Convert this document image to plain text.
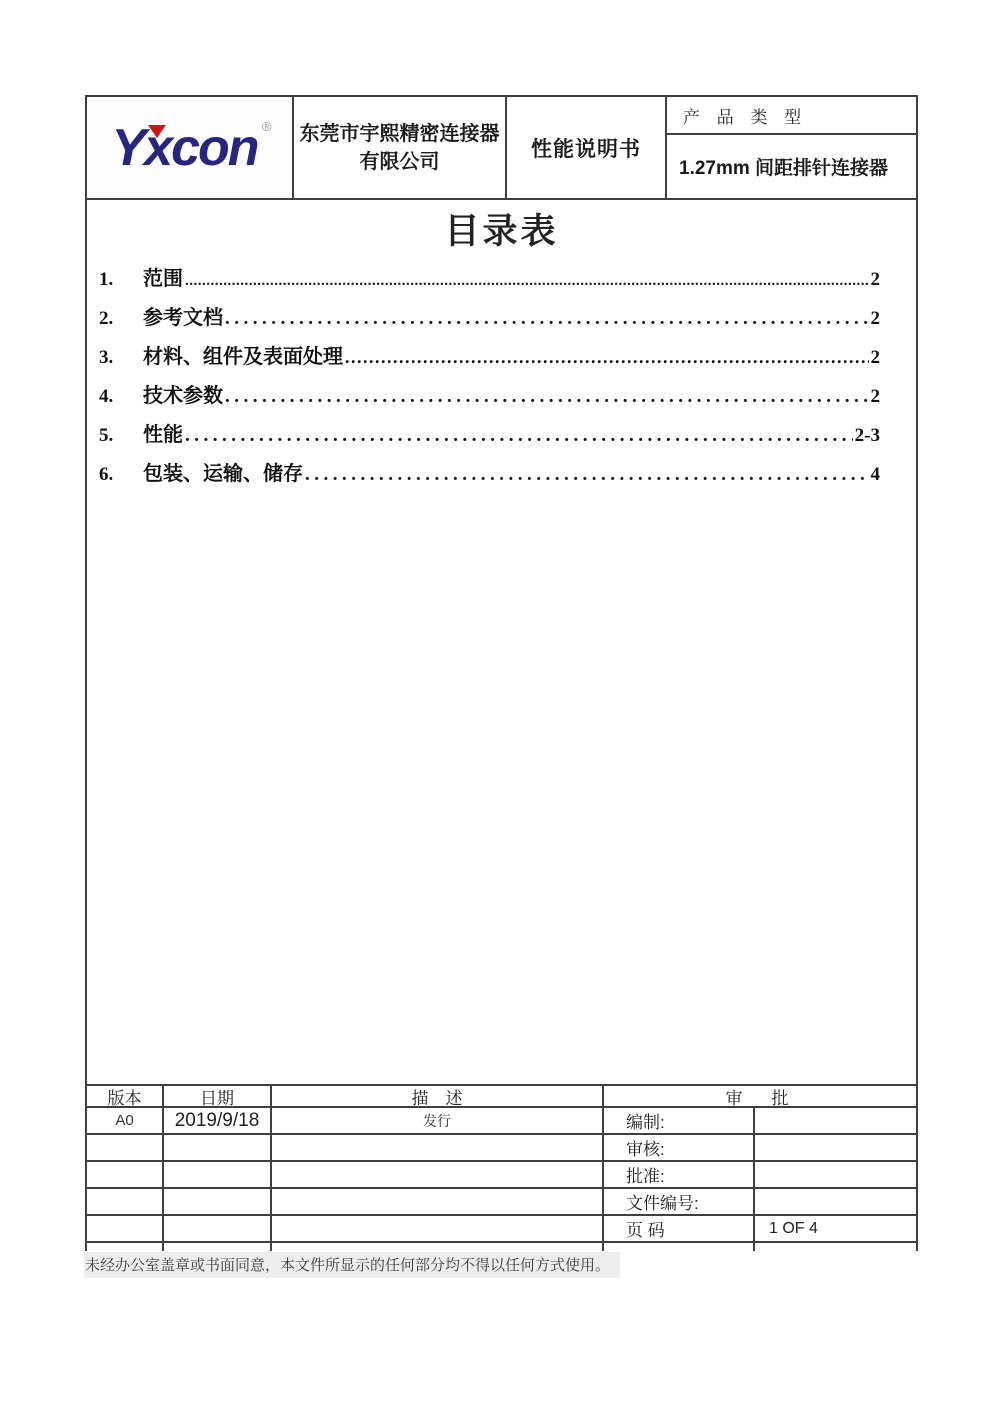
Yx
con ® 东莞市宇熙精密连接器
有限公司
性能说明书
产 品 类 型
1.27mm 间距排针连接器
目录表
1.	范围 .....	2
2.	参考文档 .....	2
3.	材料、组件及表面处理 .....	2
4.	技术参数 .....	2
5.	性能 .....	2-3
6.	包装、运输、储存 .....	4
版本	日期	描　述	审　批
A0	2019/9/18	发行	编制:
审核:
批准:
文件编号:
页 码	1 OF 4
未经办公室盖章或书面同意，本文件所显示的任何部分均不得以任何方式使用。
